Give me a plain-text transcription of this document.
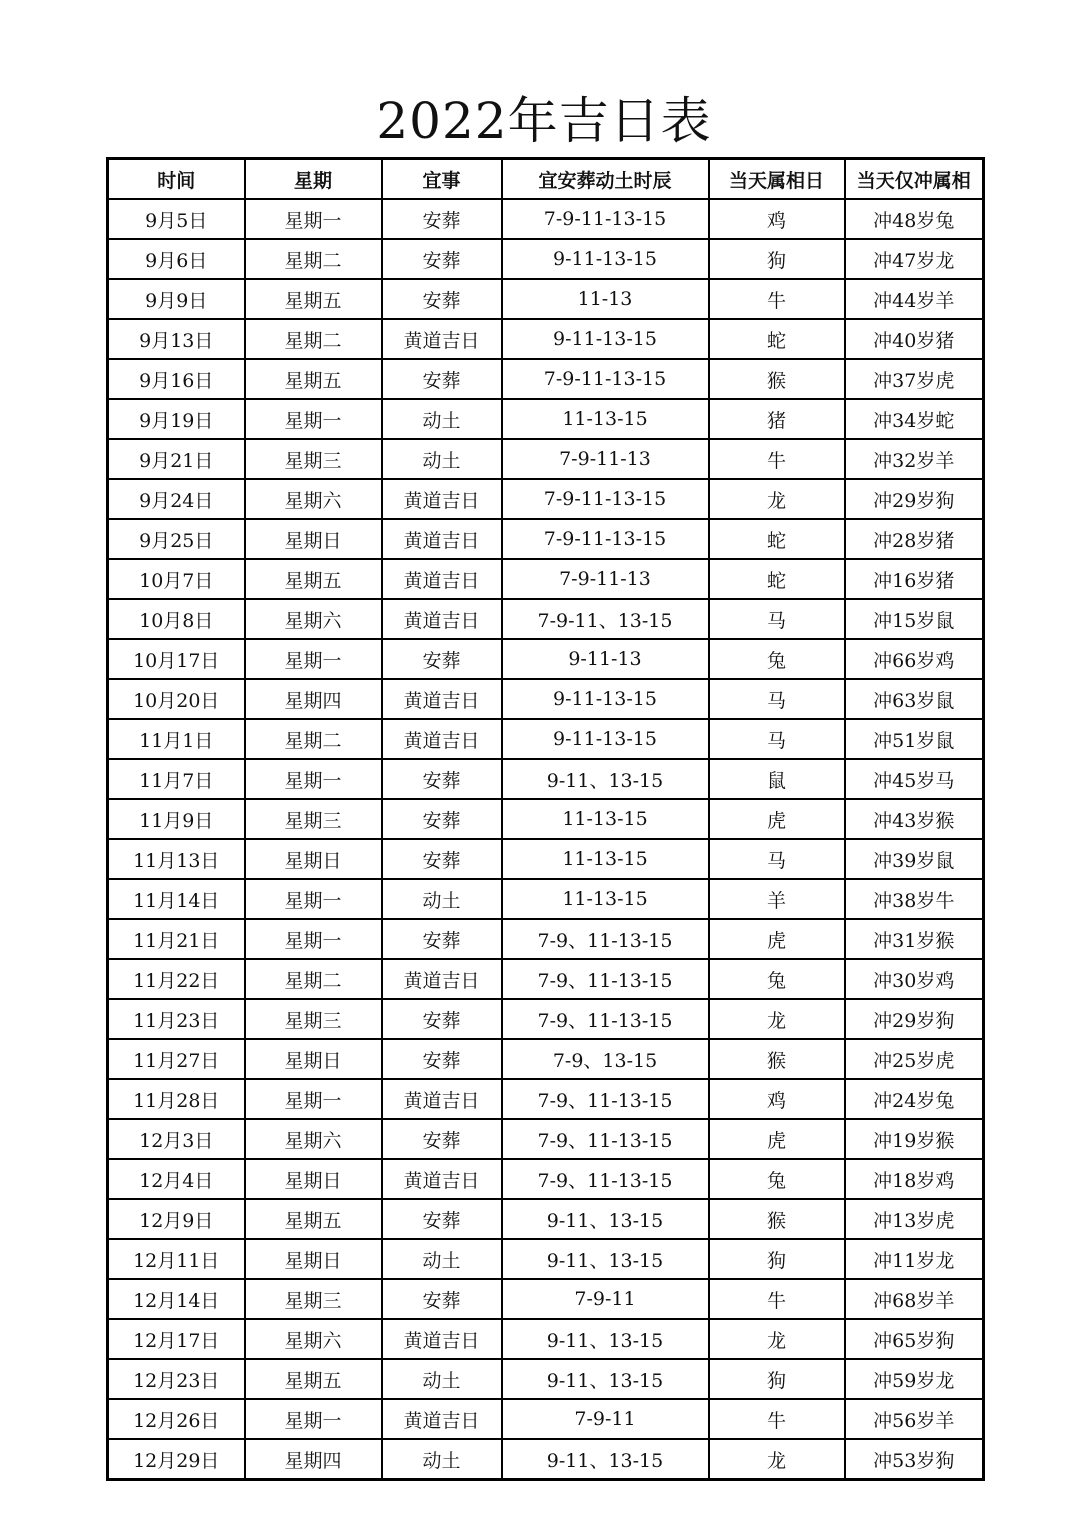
2022年吉日表
时间	星期	宜事	宜安葬动土时辰	当天属相日	当天仅冲属相
9月5日	星期一	安葬	7-9-11-13-15	鸡	冲48岁兔
9月6日	星期二	安葬	9-11-13-15	狗	冲47岁龙
9月9日	星期五	安葬	11-13	牛	冲44岁羊
9月13日	星期二	黄道吉日	9-11-13-15	蛇	冲40岁猪
9月16日	星期五	安葬	7-9-11-13-15	猴	冲37岁虎
9月19日	星期一	动土	11-13-15	猪	冲34岁蛇
9月21日	星期三	动土	7-9-11-13	牛	冲32岁羊
9月24日	星期六	黄道吉日	7-9-11-13-15	龙	冲29岁狗
9月25日	星期日	黄道吉日	7-9-11-13-15	蛇	冲28岁猪
10月7日	星期五	黄道吉日	7-9-11-13	蛇	冲16岁猪
10月8日	星期六	黄道吉日	7-9-11、13-15	马	冲15岁鼠
10月17日	星期一	安葬	9-11-13	兔	冲66岁鸡
10月20日	星期四	黄道吉日	9-11-13-15	马	冲63岁鼠
11月1日	星期二	黄道吉日	9-11-13-15	马	冲51岁鼠
11月7日	星期一	安葬	9-11、13-15	鼠	冲45岁马
11月9日	星期三	安葬	11-13-15	虎	冲43岁猴
11月13日	星期日	安葬	11-13-15	马	冲39岁鼠
11月14日	星期一	动土	11-13-15	羊	冲38岁牛
11月21日	星期一	安葬	7-9、11-13-15	虎	冲31岁猴
11月22日	星期二	黄道吉日	7-9、11-13-15	兔	冲30岁鸡
11月23日	星期三	安葬	7-9、11-13-15	龙	冲29岁狗
11月27日	星期日	安葬	7-9、13-15	猴	冲25岁虎
11月28日	星期一	黄道吉日	7-9、11-13-15	鸡	冲24岁兔
12月3日	星期六	安葬	7-9、11-13-15	虎	冲19岁猴
12月4日	星期日	黄道吉日	7-9、11-13-15	兔	冲18岁鸡
12月9日	星期五	安葬	9-11、13-15	猴	冲13岁虎
12月11日	星期日	动土	9-11、13-15	狗	冲11岁龙
12月14日	星期三	安葬	7-9-11	牛	冲68岁羊
12月17日	星期六	黄道吉日	9-11、13-15	龙	冲65岁狗
12月23日	星期五	动土	9-11、13-15	狗	冲59岁龙
12月26日	星期一	黄道吉日	7-9-11	牛	冲56岁羊
12月29日	星期四	动土	9-11、13-15	龙	冲53岁狗
